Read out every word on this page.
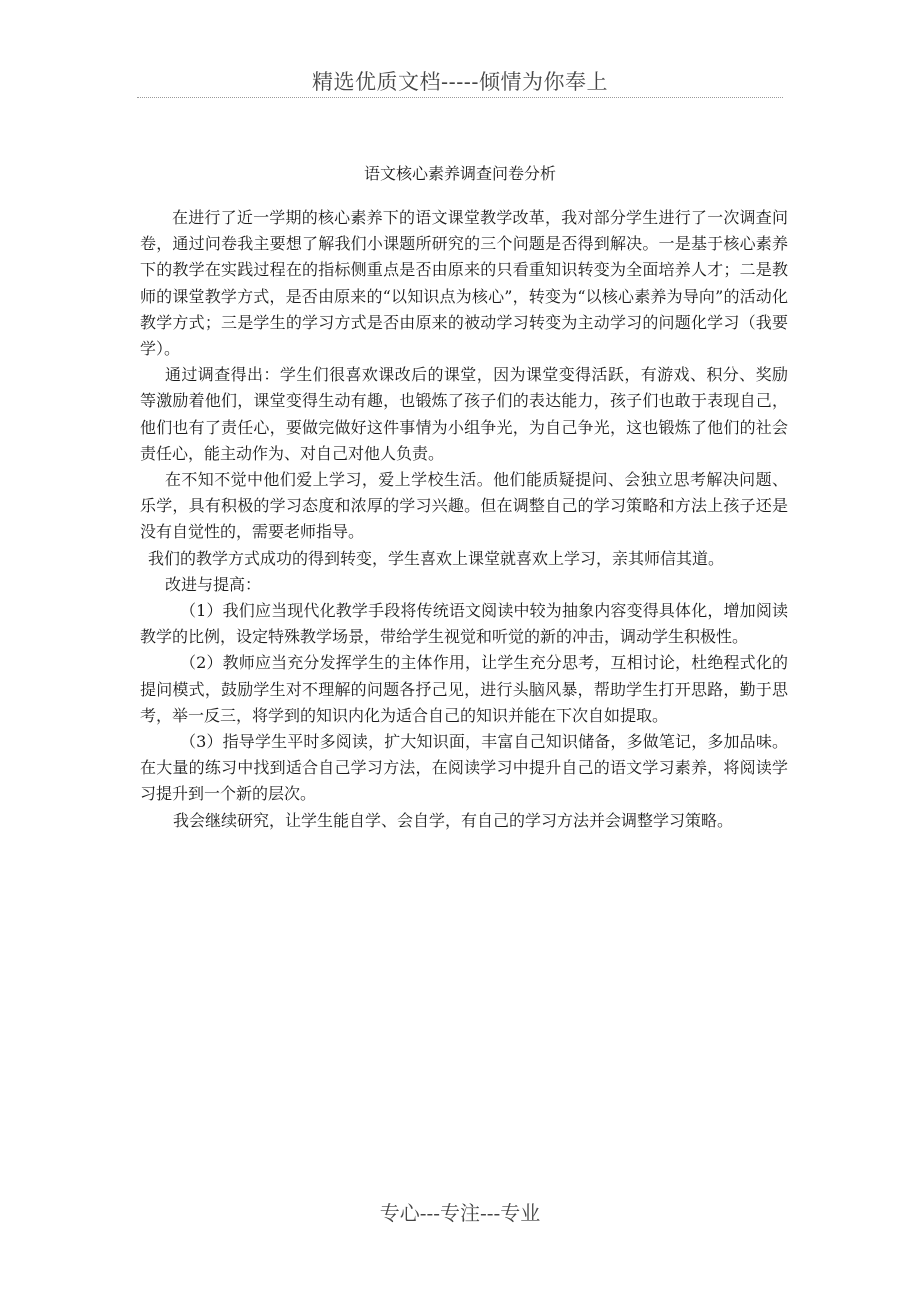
精选优质文档-----倾情为你奉上
语文核心素养调查问卷分析

在进行了近一学期的核心素养下的语文课堂教学改革，我对部分学生进行了一次调查问卷，通过问卷我主要想了解我们小课题所研究的三个问题是否得到解决。一是基于核心素养下的教学在实践过程在的指标侧重点是否由原来的只看重知识转变为全面培养人才；二是教师的课堂教学方式，是否由原来的“以知识点为核心”，转变为“以核心素养为导向”的活动化教学方式；三是学生的学习方式是否由原来的被动学习转变为主动学习的问题化学习（我要学）。

通过调查得出：学生们很喜欢课改后的课堂，因为课堂变得活跃，有游戏、积分、奖励等激励着他们，课堂变得生动有趣，也锻炼了孩子们的表达能力，孩子们也敢于表现自己，他们也有了责任心，要做完做好这件事情为小组争光，为自己争光，这也锻炼了他们的社会责任心，能主动作为、对自己对他人负责。

在不知不觉中他们爱上学习，爱上学校生活。他们能质疑提问、会独立思考解决问题、乐学，具有积极的学习态度和浓厚的学习兴趣。但在调整自己的学习策略和方法上孩子还是没有自觉性的，需要老师指导。

我们的教学方式成功的得到转变，学生喜欢上课堂就喜欢上学习，亲其师信其道。

改进与提高：

（1）我们应当现代化教学手段将传统语文阅读中较为抽象内容变得具体化，增加阅读教学的比例，设定特殊教学场景，带给学生视觉和听觉的新的冲击，调动学生积极性。

（2）教师应当充分发挥学生的主体作用，让学生充分思考，互相讨论，杜绝程式化的提问模式，鼓励学生对不理解的问题各抒己见，进行头脑风暴，帮助学生打开思路，勤于思考，举一反三，将学到的知识内化为适合自己的知识并能在下次自如提取。

（3）指导学生平时多阅读，扩大知识面，丰富自己知识储备，多做笔记，多加品味。在大量的练习中找到适合自己学习方法，在阅读学习中提升自己的语文学习素养，将阅读学习提升到一个新的层次。

我会继续研究，让学生能自学、会自学，有自己的学习方法并会调整学习策略。

专心---专注---专业
